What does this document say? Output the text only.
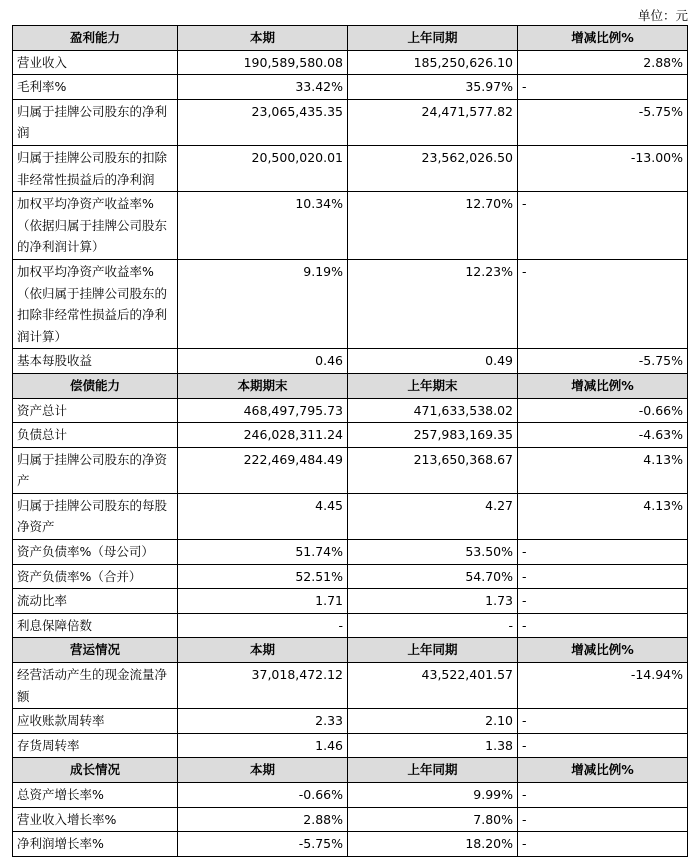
单位：元
盈利能力	本期	上年同期	增减比例%
营业收入	190,589,580.08	185,250,626.10	2.88%
毛利率%	33.42%	35.97%	-
归属于挂牌公司股东的净利润	23,065,435.35	24,471,577.82	-5.75%
归属于挂牌公司股东的扣除非经常性损益后的净利润	20,500,020.01	23,562,026.50	-13.00%
加权平均净资产收益率%（依据归属于挂牌公司股东的净利润计算）	10.34%	12.70%	-
加权平均净资产收益率%（依归属于挂牌公司股东的扣除非经常性损益后的净利润计算）	9.19%	12.23%	-
基本每股收益	0.46	0.49	-5.75%
偿债能力	本期期末	上年期末	增减比例%
资产总计	468,497,795.73	471,633,538.02	-0.66%
负债总计	246,028,311.24	257,983,169.35	-4.63%
归属于挂牌公司股东的净资产	222,469,484.49	213,650,368.67	4.13%
归属于挂牌公司股东的每股净资产	4.45	4.27	4.13%
资产负债率%（母公司）	51.74%	53.50%	-
资产负债率%（合并）	52.51%	54.70%	-
流动比率	1.71	1.73	-
利息保障倍数	-	-	-
营运情况	本期	上年同期	增减比例%
经营活动产生的现金流量净额	37,018,472.12	43,522,401.57	-14.94%
应收账款周转率	2.33	2.10	-
存货周转率	1.46	1.38	-
成长情况	本期	上年同期	增减比例%
总资产增长率%	-0.66%	9.99%	-
营业收入增长率%	2.88%	7.80%	-
净利润增长率%	-5.75%	18.20%	-
